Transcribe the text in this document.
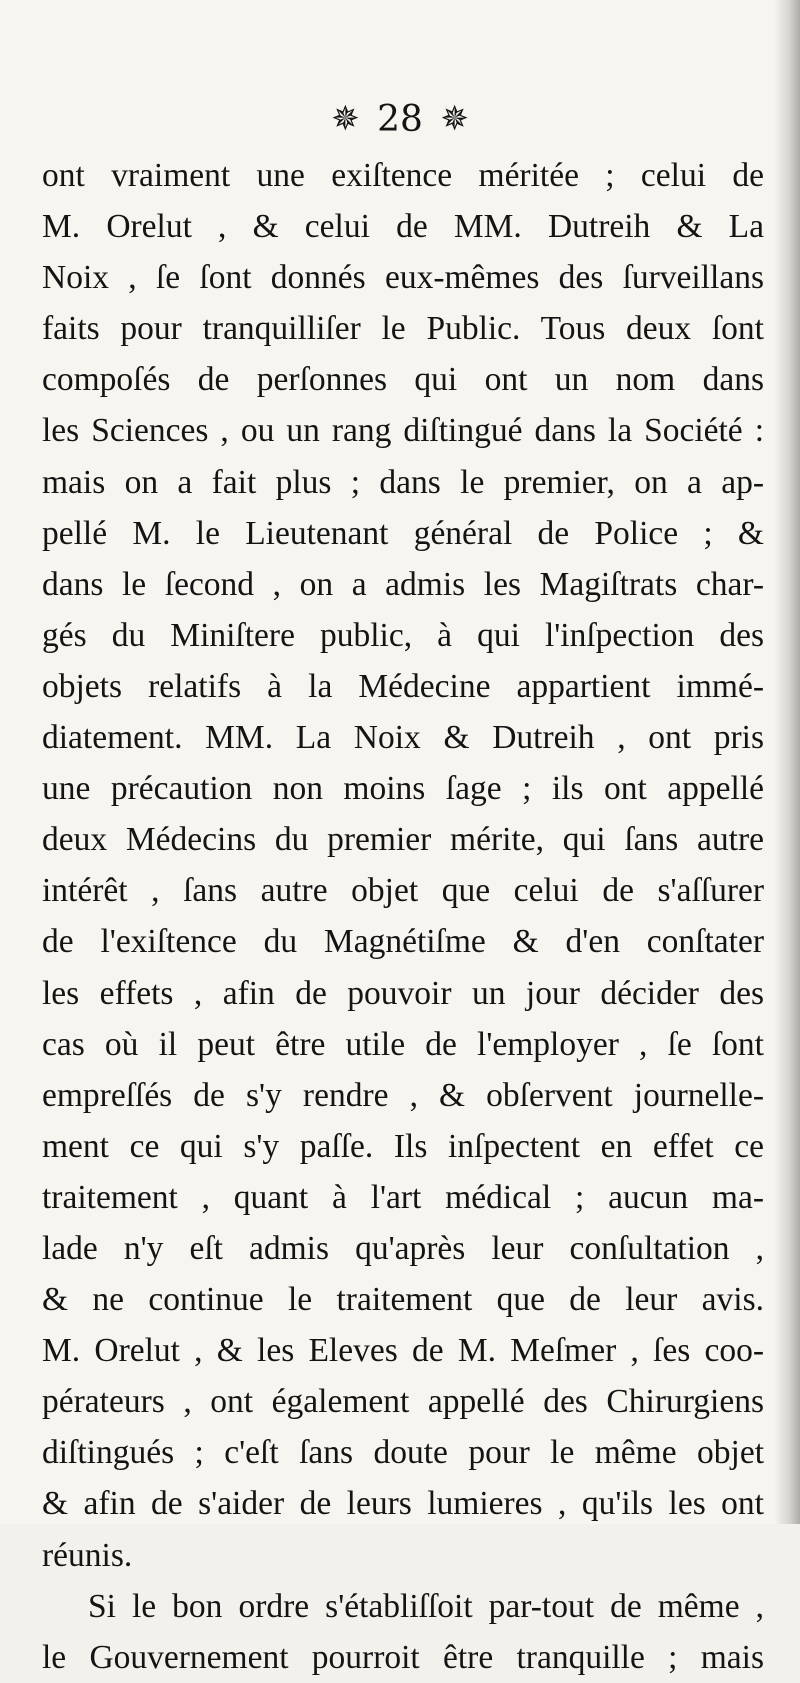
✵ 28 ✵
ont vraiment une exiſtence méritée ; celui de
M. Orelut , & celui de MM. Dutreih & La
Noix , ſe ſont donnés eux-mêmes des ſurveillans
faits pour tranquilliſer le Public. Tous deux ſont
compoſés de perſonnes qui ont un nom dans
les Sciences , ou un rang diſtingué dans la Société :
mais on a fait plus ; dans le premier, on a ap-
pellé M. le Lieutenant général de Police ; &
dans le ſecond , on a admis les Magiſtrats char-
gés du Miniſtere public, à qui l'inſpection des
objets relatifs à la Médecine appartient immé-
diatement. MM. La Noix & Dutreih , ont pris
une précaution non moins ſage ; ils ont appellé
deux Médecins du premier mérite, qui ſans autre
intérêt , ſans autre objet que celui de s'aſſurer
de l'exiſtence du Magnétiſme & d'en conſtater
les effets , afin de pouvoir un jour décider des
cas où il peut être utile de l'employer , ſe ſont
empreſſés de s'y rendre , & obſervent journelle-
ment ce qui s'y paſſe. Ils inſpectent en effet ce
traitement , quant à l'art médical ; aucun ma-
lade n'y eſt admis qu'après leur conſultation ,
& ne continue le traitement que de leur avis.
M. Orelut , & les Eleves de M. Meſmer , ſes coo-
pérateurs , ont également appellé des Chirurgiens
diſtingués ; c'eſt ſans doute pour le même objet
& afin de s'aider de leurs lumieres , qu'ils les ont
réunis.
Si le bon ordre s'établiſſoit par-tout de même ,
le Gouvernement pourroit être tranquille ; mais
